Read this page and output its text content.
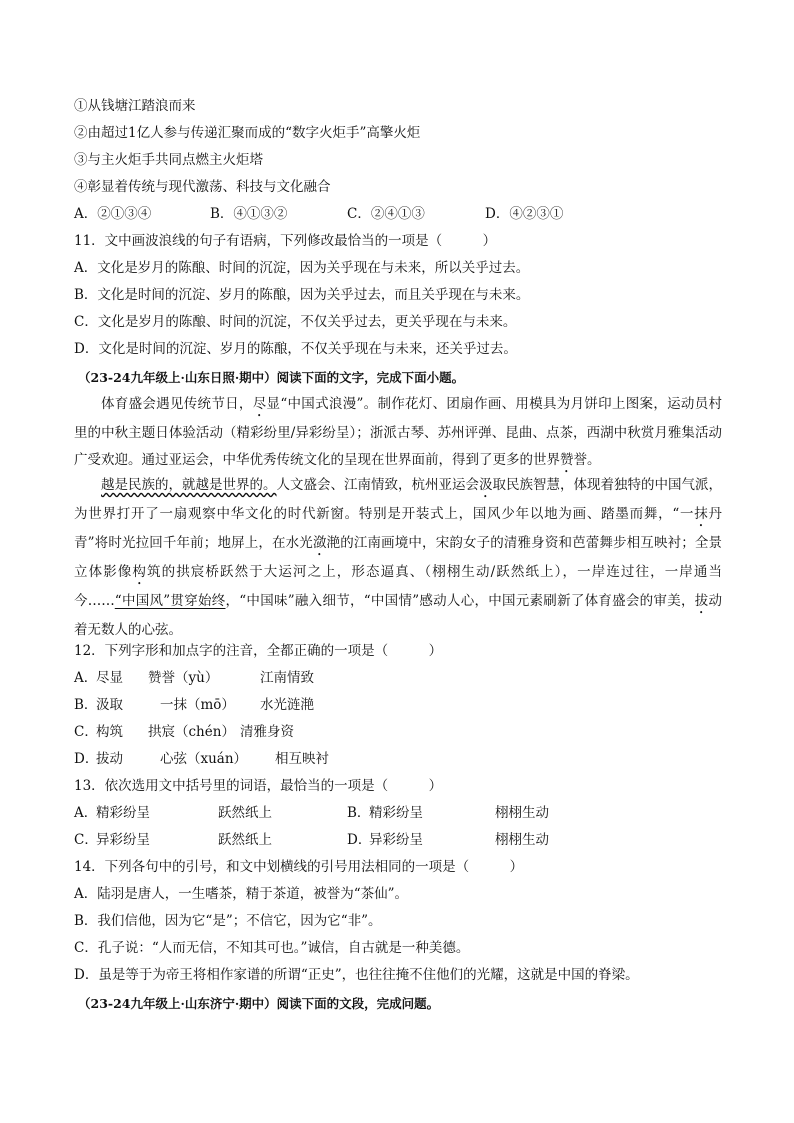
①从钱塘江踏浪而来
②由超过1亿人参与传递汇聚而成的“数字火炬手”高擎火炬
③与主火炬手共同点燃主火炬塔
④彰显着传统与现代激荡、科技与文化融合
A．②①③④	B．④①③②	C．②④①③	D．④②③①
11．文中画波浪线的句子有语病，下列修改最恰当的一项是（　　　）
A．文化是岁月的陈酿、时间的沉淀，因为关乎现在与未来，所以关乎过去。
B．文化是时间的沉淀、岁月的陈酿，因为关乎过去，而且关乎现在与未来。
C．文化是岁月的陈酿、时间的沉淀，不仅关乎过去，更关乎现在与未来。
D．文化是时间的沉淀、岁月的陈酿，不仅关乎现在与未来，还关乎过去。
（23-24九年级上·山东日照·期中）阅读下面的文字，完成下面小题。
体育盛会遇见传统节日，尽显“中国式浪漫”。制作花灯、团扇作画、用模具为月饼印上图案，运动员村里的中秋主题日体验活动（精彩纷里/异彩纷呈）；浙派古琴、苏州评弹、昆曲、点茶，西湖中秋赏月雅集活动广受欢迎。通过亚运会，中华优秀传统文化的呈现在世界面前，得到了更多的世界赞誉。
越是民族的，就越是世界的。人文盛会、江南情致，杭州亚运会汲取民族智慧，体现着独特的中国气派，为世界打开了一扇观察中华文化的时代新窗。特别是开装式上，国风少年以地为画、踏墨而舞，“一抹丹青”将时光拉回千年前；地屏上，在水光潋滟的江南画境中，宋韵女子的清雅身资和芭蕾舞步相互映衬；全景立体影像构筑的拱宸桥跃然于大运河之上，形态逼真、（栩栩生动/跃然纸上），一岸连过往，一岸通当今……“中国风”贯穿始终，“中国味”融入细节，“中国情”感动人心，中国元素刷新了体育盛会的审美，拔动着无数人的心弦。
12．下列字形和加点字的注音，全都正确的一项是（　　　）
A．
尽显 赞誉（yù）	江南情致
B．
汲取	一抹（mō） 水光涟滟
C．
构筑 拱宸（chén） 清雅身资
D．
拔动	心弦（xuán） 相互映衬
13．依次选用文中括号里的词语，最恰当的一项是（　　　）
A．
精彩纷呈	跃然纸上	B．
精彩纷呈	栩栩生动
C．
异彩纷呈	跃然纸上	D．
异彩纷呈	栩栩生动
14．下列各句中的引号，和文中划横线的引号用法相同的一项是（　　　）
A．陆羽是唐人，一生嗜茶，精于茶道，被誉为“茶仙”。
B．我们信他，因为它“是”；不信它，因为它“非”。
C．孔子说：“人而无信，不知其可也。”诚信，自古就是一种美德。
D．虽是等于为帝王将相作家谱的所谓“正史”，也往往掩不住他们的光耀，这就是中国的脊梁。
（23-24九年级上·山东济宁·期中）阅读下面的文段，完成问题。
